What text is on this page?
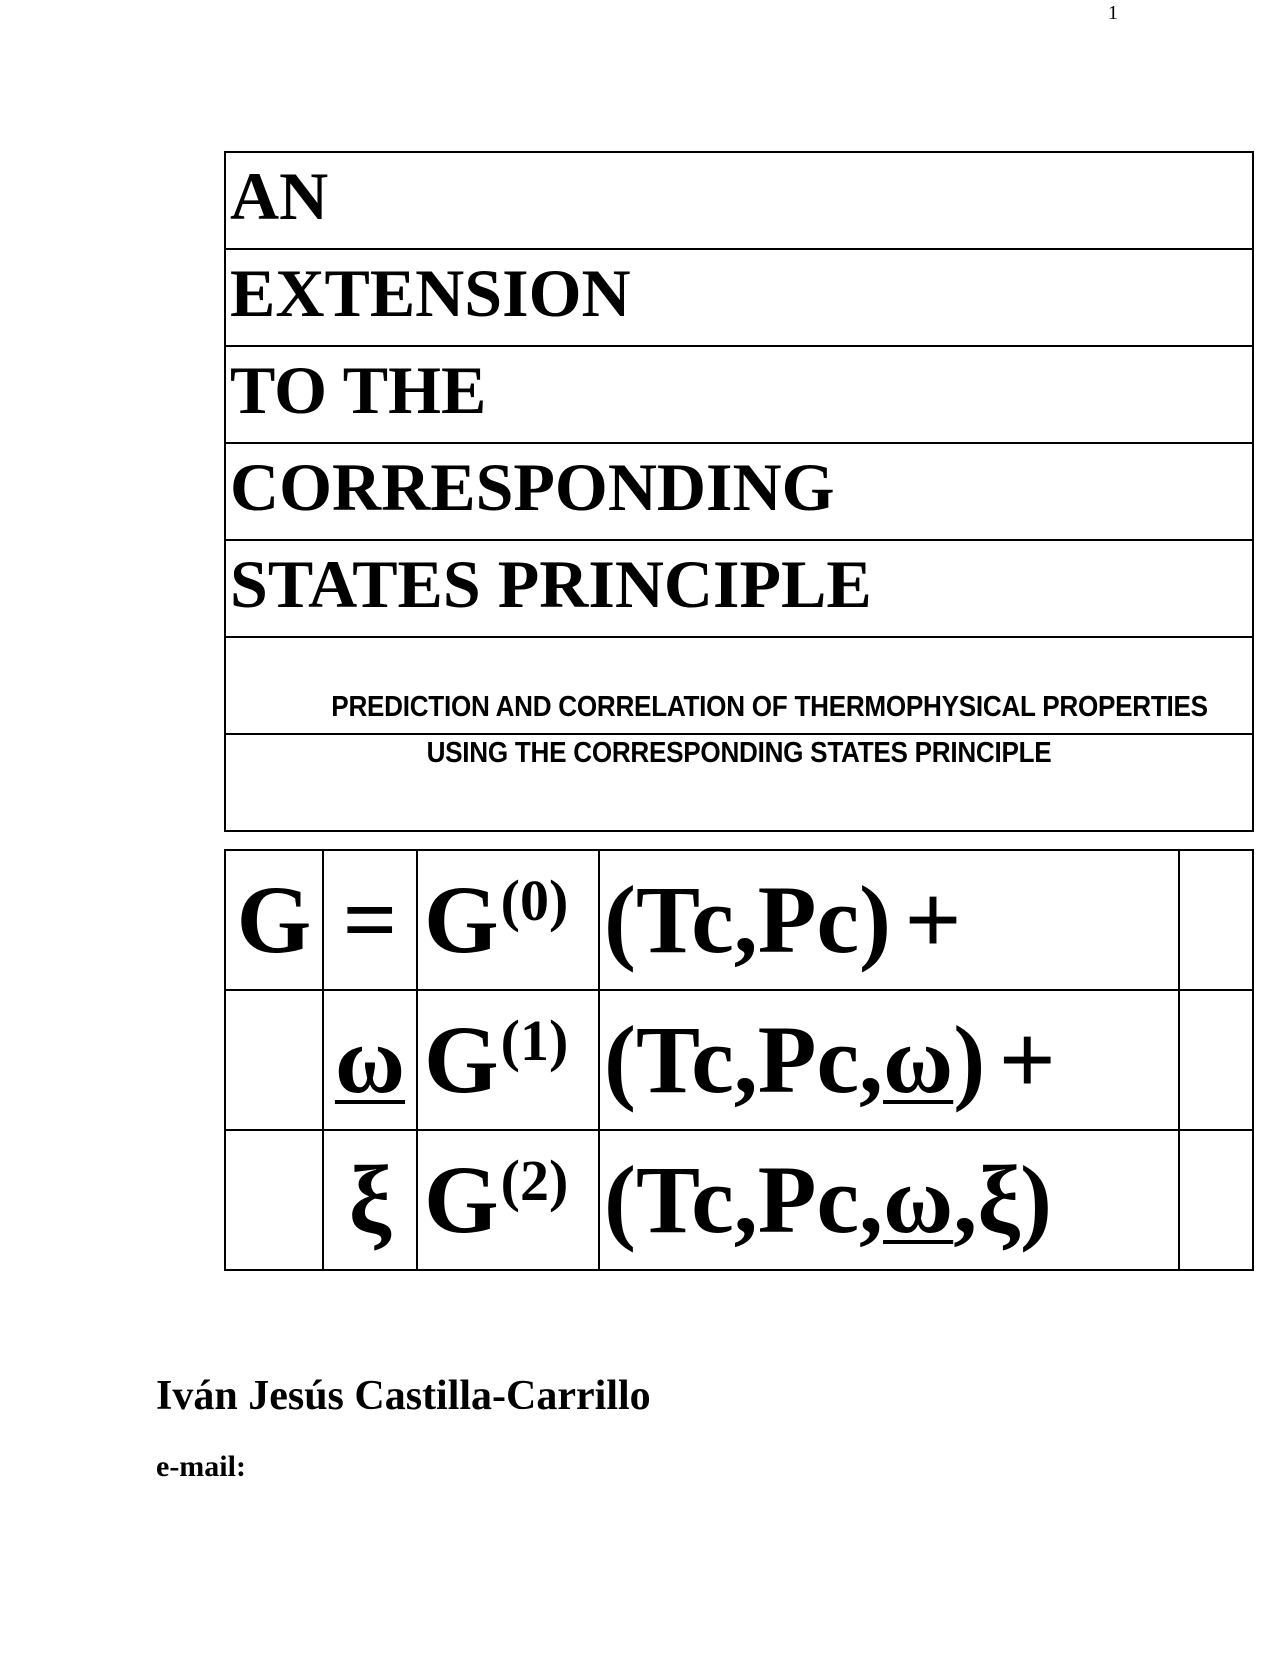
1
AN

EXTENSION

TO THE

CORRESPONDING

STATES PRINCIPLE

PREDICTION AND CORRELATION OF THERMOPHYSICAL PROPERTIES

USING THE CORRESPONDING STATES PRINCIPLE
G	=	$G^{(0)}$	(Tc,Pc) +	
	ω	$G^{(1)}$	(Tc,Pc,ω) +	
	ξ	$G^{(2)}$	(Tc,Pc,ω,ξ)	
Iván Jesús Castilla-Carrillo
e-mail:
